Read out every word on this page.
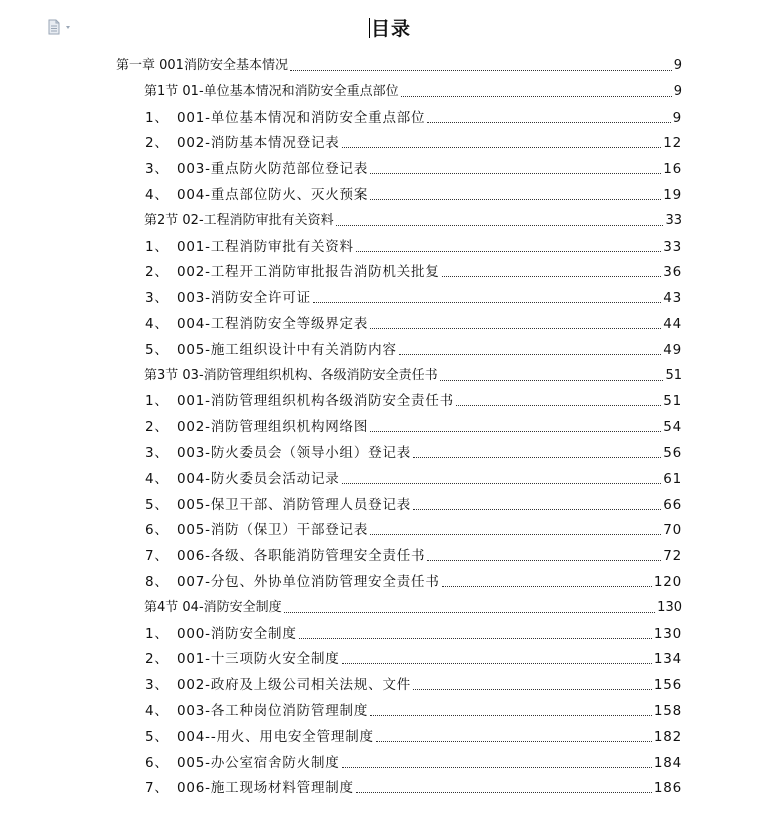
目录
第一章 001消防安全基本情况	9
第1节 01-单位基本情况和消防安全重点部位	9
1、 001-单位基本情况和消防安全重点部位	9
2、 002-消防基本情况登记表	12
3、 003-重点防火防范部位登记表	16
4、 004-重点部位防火、灭火预案	19
第2节 02-工程消防审批有关资料	33
1、 001-工程消防审批有关资料	33
2、 002-工程开工消防审批报告消防机关批复	36
3、 003-消防安全许可证	43
4、 004-工程消防安全等级界定表	44
5、 005-施工组织设计中有关消防内容	49
第3节 03-消防管理组织机构、各级消防安全责任书	51
1、 001-消防管理组织机构各级消防安全责任书	51
2、 002-消防管理组织机构网络图	54
3、 003-防火委员会（领导小组）登记表	56
4、 004-防火委员会活动记录	61
5、 005-保卫干部、消防管理人员登记表	66
6、 005-消防（保卫）干部登记表	70
7、 006-各级、各职能消防管理安全责任书	72
8、 007-分包、外协单位消防管理安全责任书	120
第4节 04-消防安全制度	130
1、 000-消防安全制度	130
2、 001-十三项防火安全制度	134
3、 002-政府及上级公司相关法规、文件	156
4、 003-各工种岗位消防管理制度	158
5、 004--用火、用电安全管理制度	182
6、 005-办公室宿舍防火制度	184
7、 006-施工现场材料管理制度	186
